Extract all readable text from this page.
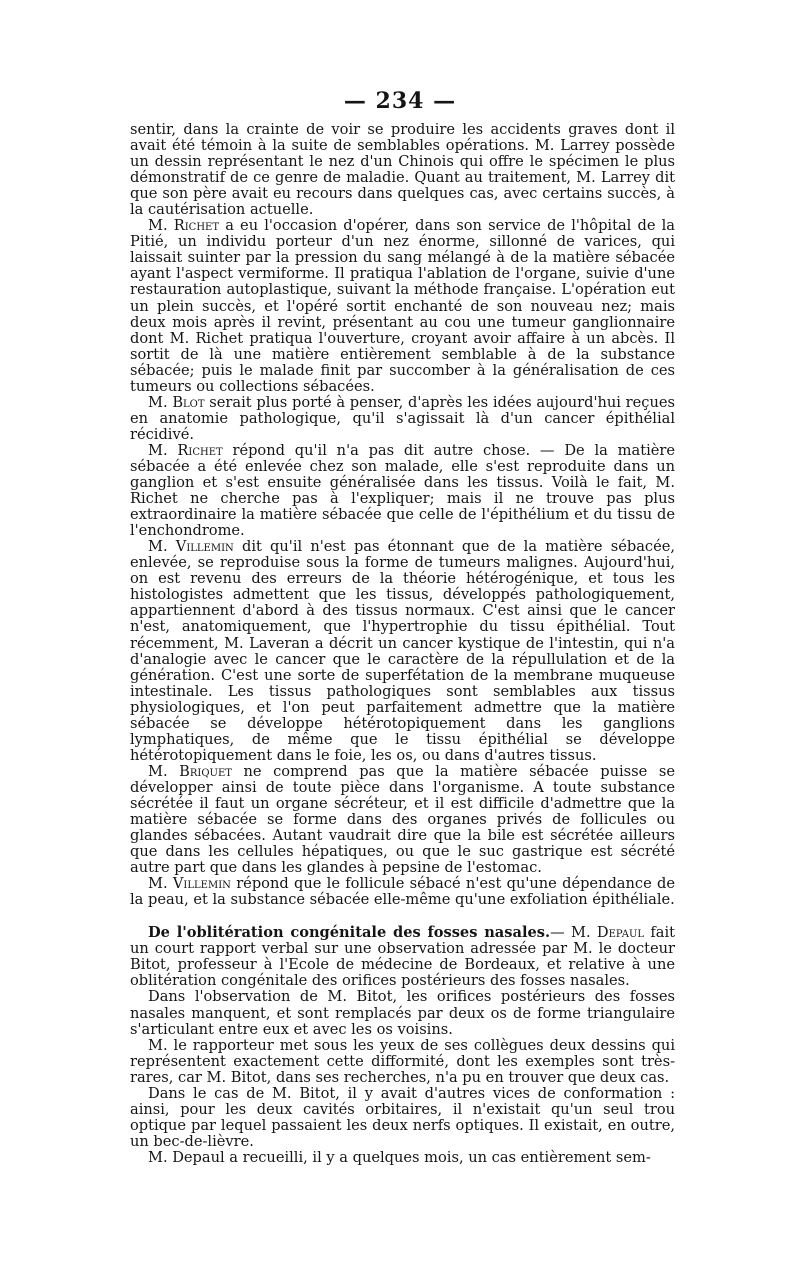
— 234 —

sentir, dans la crainte de voir se produire les accidents graves dont il avait été témoin à la suite de semblables opérations. M. Larrey possède un dessin représentant le nez d'un Chinois qui offre le spécimen le plus démonstratif de ce genre de maladie. Quant au traitement, M. Larrey dit que son père avait eu recours dans quelques cas, avec certains succès, à la cautérisation actuelle.

M. Richet a eu l'occasion d'opérer, dans son service de l'hôpital de la Pitié, un individu porteur d'un nez énorme, sillonné de varices, qui laissait suinter par la pression du sang mélangé à de la matière sébacée ayant l'aspect vermiforme. Il pratiqua l'ablation de l'organe, suivie d'une restauration autoplastique, suivant la méthode française. L'opération eut un plein succès, et l'opéré sortit enchanté de son nouveau nez; mais deux mois après il revint, présentant au cou une tumeur ganglionnaire dont M. Richet pratiqua l'ouverture, croyant avoir affaire à un abcès. Il sortit de là une matière entièrement semblable à de la substance sébacée; puis le malade finit par succomber à la généralisation de ces tumeurs ou collections sébacées.

M. Blot serait plus porté à penser, d'après les idées aujourd'hui reçues en anatomie pathologique, qu'il s'agissait là d'un cancer épithélial récidivé.

M. Richet répond qu'il n'a pas dit autre chose. — De la matière sébacée a été enlevée chez son malade, elle s'est reproduite dans un ganglion et s'est ensuite généralisée dans les tissus. Voilà le fait, M. Richet ne cherche pas à l'expliquer; mais il ne trouve pas plus extraordinaire la matière sébacée que celle de l'épithélium et du tissu de l'enchondrome.

M. Villemin dit qu'il n'est pas étonnant que de la matière sébacée, enlevée, se reproduise sous la forme de tumeurs malignes. Aujourd'hui, on est revenu des erreurs de la théorie hétérogénique, et tous les histologistes admettent que les tissus, développés pathologiquement, appartiennent d'abord à des tissus normaux. C'est ainsi que le cancer n'est, anatomiquement, que l'hypertrophie du tissu épithélial. Tout récemment, M. Laveran a décrit un cancer kystique de l'intestin, qui n'a d'analogie avec le cancer que le caractère de la répullulation et de la génération. C'est une sorte de superfétation de la membrane muqueuse intestinale. Les tissus pathologiques sont semblables aux tissus physiologiques, et l'on peut parfaitement admettre que la matière sébacée se développe hétérotopiquement dans les ganglions lymphatiques, de même que le tissu épithélial se développe hétérotopiquement dans le foie, les os, ou dans d'autres tissus.

M. Briquet ne comprend pas que la matière sébacée puisse se développer ainsi de toute pièce dans l'organisme. A toute substance sécrétée il faut un organe sécréteur, et il est difficile d'admettre que la matière sébacée se forme dans des organes privés de follicules ou glandes sébacées. Autant vaudrait dire que la bile est sécrétée ailleurs que dans les cellules hépatiques, ou que le suc gastrique est sécrété autre part que dans les glandes à pepsine de l'estomac.

M. Villemin répond que le follicule sébacé n'est qu'une dépendance de la peau, et la substance sébacée elle-même qu'une exfoliation épithéliale.

De l'oblitération congénitale des fosses nasales.— M. Depaul fait un court rapport verbal sur une observation adressée par M. le docteur Bitot, professeur à l'Ecole de médecine de Bordeaux, et relative à une oblitération congénitale des orifices postérieurs des fosses nasales.

Dans l'observation de M. Bitot, les orifices postérieurs des fosses nasales manquent, et sont remplacés par deux os de forme triangulaire s'articulant entre eux et avec les os voisins.

M. le rapporteur met sous les yeux de ses collègues deux dessins qui représentent exactement cette difformité, dont les exemples sont très-rares, car M. Bitot, dans ses recherches, n'a pu en trouver que deux cas.

Dans le cas de M. Bitot, il y avait d'autres vices de conformation : ainsi, pour les deux cavités orbitaires, il n'existait qu'un seul trou optique par lequel passaient les deux nerfs optiques. Il existait, en outre, un bec-de-lièvre.

M. Depaul a recueilli, il y a quelques mois, un cas entièrement sem-
